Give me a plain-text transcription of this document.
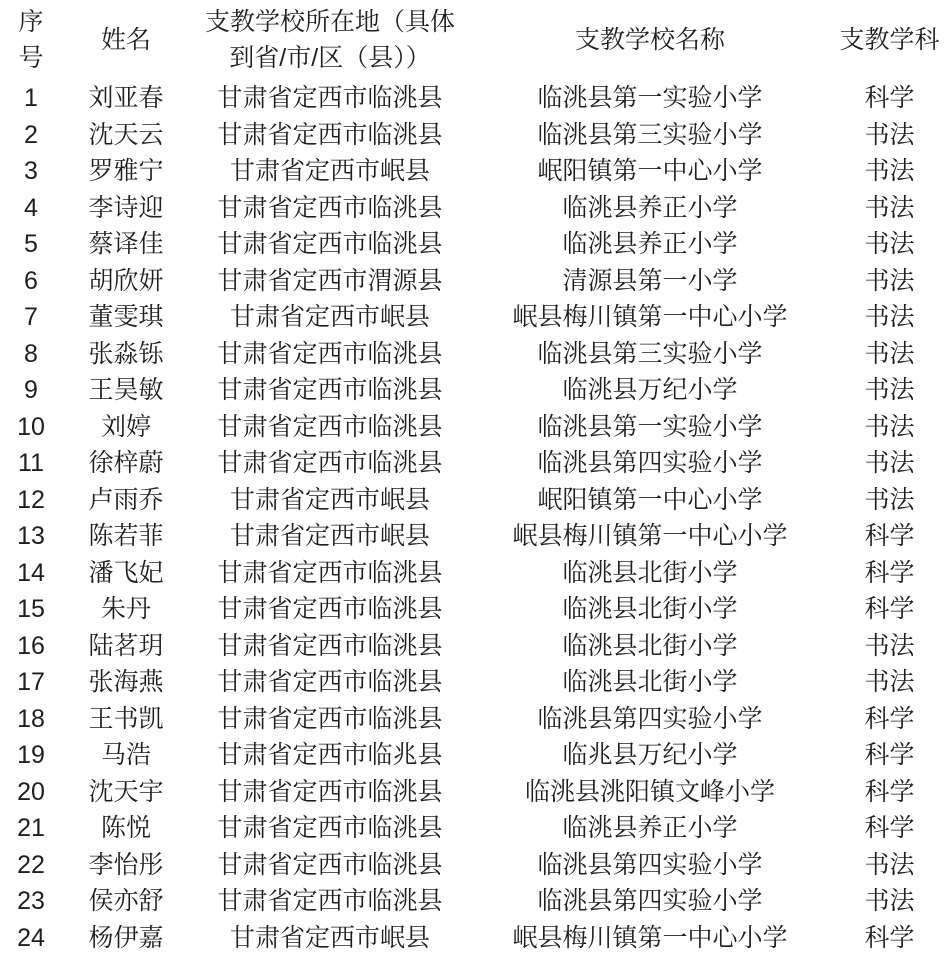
序号	姓名	支教学校所在地（具体到省/市/区（县））	支教学校名称	支教学科

1	刘亚春	甘肃省定西市临洮县	临洮县第一实验小学	科学
2	沈天云	甘肃省定西市临洮县	临洮县第三实验小学	书法
3	罗雅宁	甘肃省定西市岷县	岷阳镇第一中心小学	书法
4	李诗迎	甘肃省定西市临洮县	临洮县养正小学	书法
5	蔡译佳	甘肃省定西市临洮县	临洮县养正小学	书法
6	胡欣妍	甘肃省定西市渭源县	清源县第一小学	书法
7	董雯琪	甘肃省定西市岷县	岷县梅川镇第一中心小学	书法
8	张淼铄	甘肃省定西市临洮县	临洮县第三实验小学	书法
9	王昊敏	甘肃省定西市临洮县	临洮县万纪小学	书法
10	刘婷	甘肃省定西市临洮县	临洮县第一实验小学	书法
11	徐梓蔚	甘肃省定西市临洮县	临洮县第四实验小学	书法
12	卢雨乔	甘肃省定西市岷县	岷阳镇第一中心小学	书法
13	陈若菲	甘肃省定西市岷县	岷县梅川镇第一中心小学	科学
14	潘飞妃	甘肃省定西市临洮县	临洮县北街小学	科学
15	朱丹	甘肃省定西市临洮县	临洮县北街小学	科学
16	陆茗玥	甘肃省定西市临洮县	临洮县北街小学	书法
17	张海燕	甘肃省定西市临洮县	临洮县北街小学	书法
18	王书凯	甘肃省定西市临洮县	临洮县第四实验小学	科学
19	马浩	甘肃省定西市临兆县	临兆县万纪小学	科学
20	沈天宇	甘肃省定西市临洮县	临洮县洮阳镇文峰小学	科学
21	陈悦	甘肃省定西市临洮县	临洮县养正小学	科学
22	李怡彤	甘肃省定西市临洮县	临洮县第四实验小学	书法
23	侯亦舒	甘肃省定西市临洮县	临洮县第四实验小学	书法
24	杨伊嘉	甘肃省定西市岷县	岷县梅川镇第一中心小学	科学
